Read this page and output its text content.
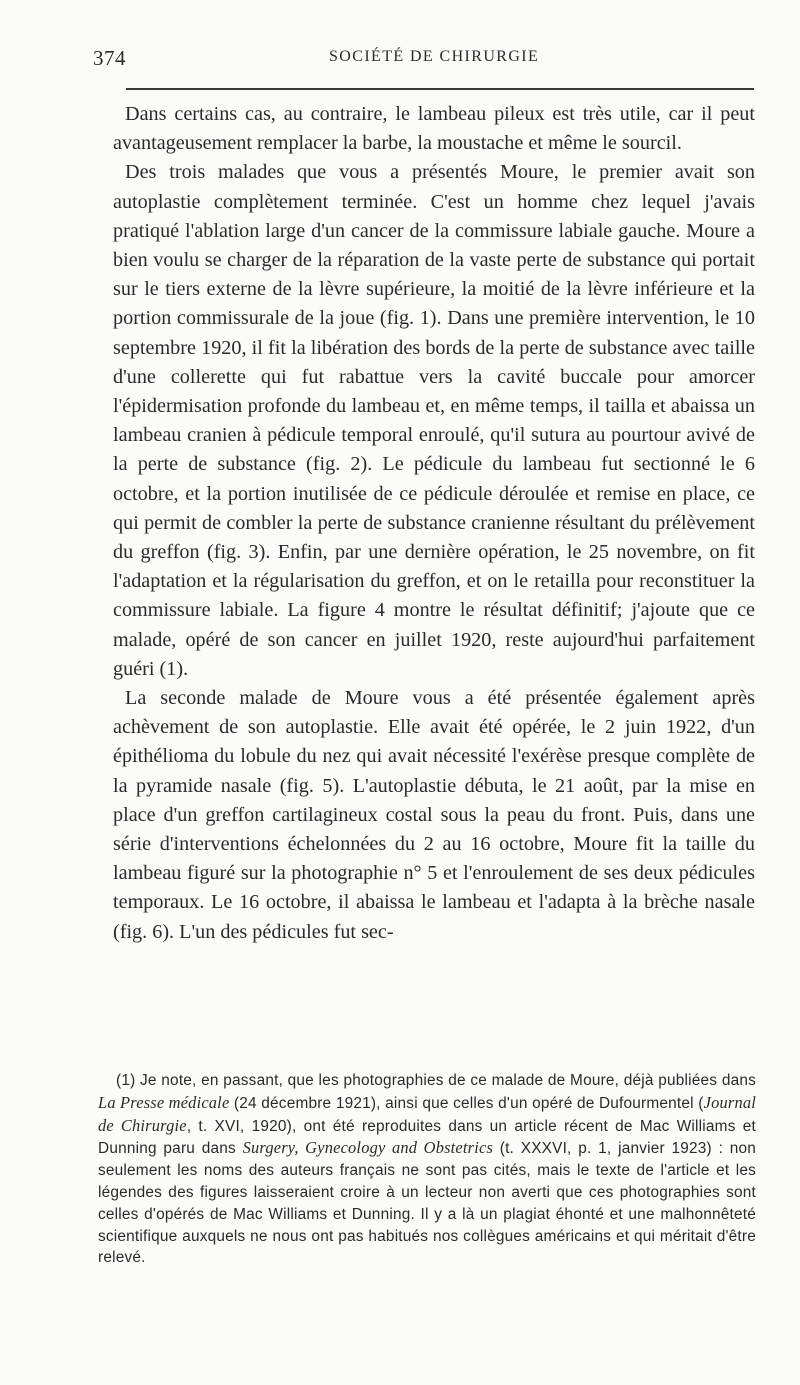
374	SOCIÉTÉ DE CHIRURGIE

Dans certains cas, au contraire, le lambeau pileux est très utile, car il peut avantageusement remplacer la barbe, la moustache et même le sourcil.

Des trois malades que vous a présentés Moure, le premier avait son autoplastie complètement terminée. C'est un homme chez lequel j'avais pratiqué l'ablation large d'un cancer de la commissure labiale gauche. Moure a bien voulu se charger de la réparation de la vaste perte de substance qui portait sur le tiers externe de la lèvre supérieure, la moitié de la lèvre inférieure et la portion commissurale de la joue (fig. 1). Dans une première intervention, le 10 septembre 1920, il fit la libération des bords de la perte de substance avec taille d'une collerette qui fut rabattue vers la cavité buccale pour amorcer l'épidermisation profonde du lambeau et, en même temps, il tailla et abaissa un lambeau cranien à pédicule temporal enroulé, qu'il sutura au pourtour avivé de la perte de substance (fig. 2). Le pédicule du lambeau fut sectionné le 6 octobre, et la portion inutilisée de ce pédicule déroulée et remise en place, ce qui permit de combler la perte de substance cranienne résultant du prélèvement du greffon (fig. 3). Enfin, par une dernière opération, le 25 novembre, on fit l'adaptation et la régularisation du greffon, et on le retailla pour reconstituer la commissure labiale. La figure 4 montre le résultat définitif; j'ajoute que ce malade, opéré de son cancer en juillet 1920, reste aujourd'hui parfaitement guéri (1).

La seconde malade de Moure vous a été présentée également après achèvement de son autoplastie. Elle avait été opérée, le 2 juin 1922, d'un épithélioma du lobule du nez qui avait nécessité l'exérèse presque complète de la pyramide nasale (fig. 5). L'autoplastie débuta, le 21 août, par la mise en place d'un greffon cartilagineux costal sous la peau du front. Puis, dans une série d'interventions échelonnées du 2 au 16 octobre, Moure fit la taille du lambeau figuré sur la photographie n° 5 et l'enroulement de ses deux pédicules temporaux. Le 16 octobre, il abaissa le lambeau et l'adapta à la brèche nasale (fig. 6). L'un des pédicules fut sec-

(1) Je note, en passant, que les photographies de ce malade de Moure, déjà publiées dans La Presse médicale (24 décembre 1921), ainsi que celles d'un opéré de Dufourmentel (Journal de Chirurgie, t. XVI, 1920), ont été reproduites dans un article récent de Mac Williams et Dunning paru dans Surgery, Gynecology and Obstetrics (t. XXXVI, p. 1, janvier 1923) : non seulement les noms des auteurs français ne sont pas cités, mais le texte de l'article et les légendes des figures laisseraient croire à un lecteur non averti que ces photographies sont celles d'opérés de Mac Williams et Dunning. Il y a là un plagiat éhonté et une malhonnêteté scientifique auxquels ne nous ont pas habitués nos collègues américains et qui méritait d'être relevé.
